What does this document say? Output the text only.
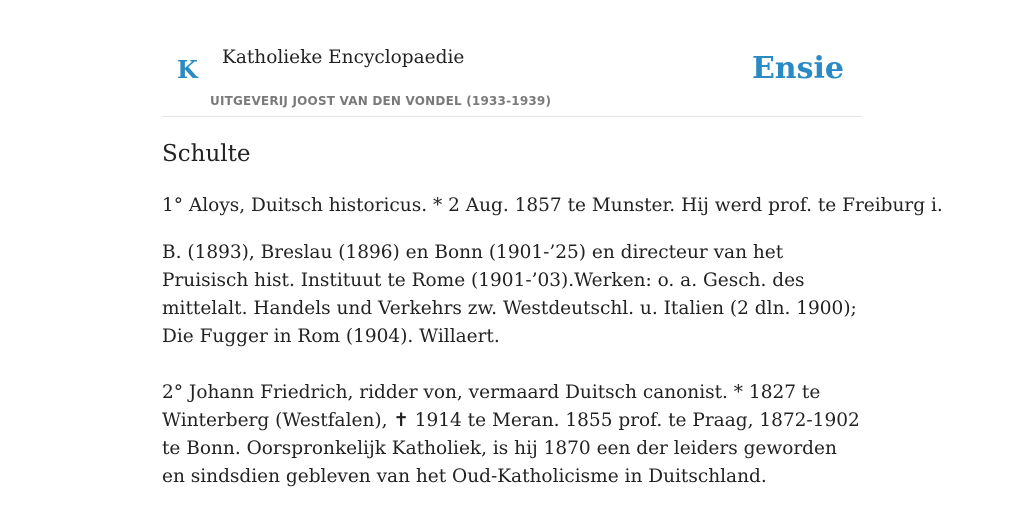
K Katholieke Encyclopaedie
UITGEVERIJ JOOST VAN DEN VONDEL (1933-1939)
Ensie
Schulte

1° Aloys, Duitsch historicus. * 2 Aug. 1857 te Munster. Hij werd prof. te Freiburg i.

B. (1893), Breslau (1896) en Bonn (1901-’25) en directeur van het Pruisisch hist. Instituut te Rome (1901-’03).Werken: o. a. Gesch. des mittelalt. Handels und Verkehrs zw. Westdeutschl. u. Italien (2 dln. 1900); Die Fugger in Rom (1904). Willaert.

2° Johann Friedrich, ridder von, vermaard Duitsch canonist. * 1827 te Winterberg (Westfalen), ✝ 1914 te Meran. 1855 prof. te Praag, 1872-1902 te Bonn. Oorspronkelijk Katholiek, is hij 1870 een der leiders geworden en sindsdien gebleven van het Oud-Katholicisme in Duitschland.
